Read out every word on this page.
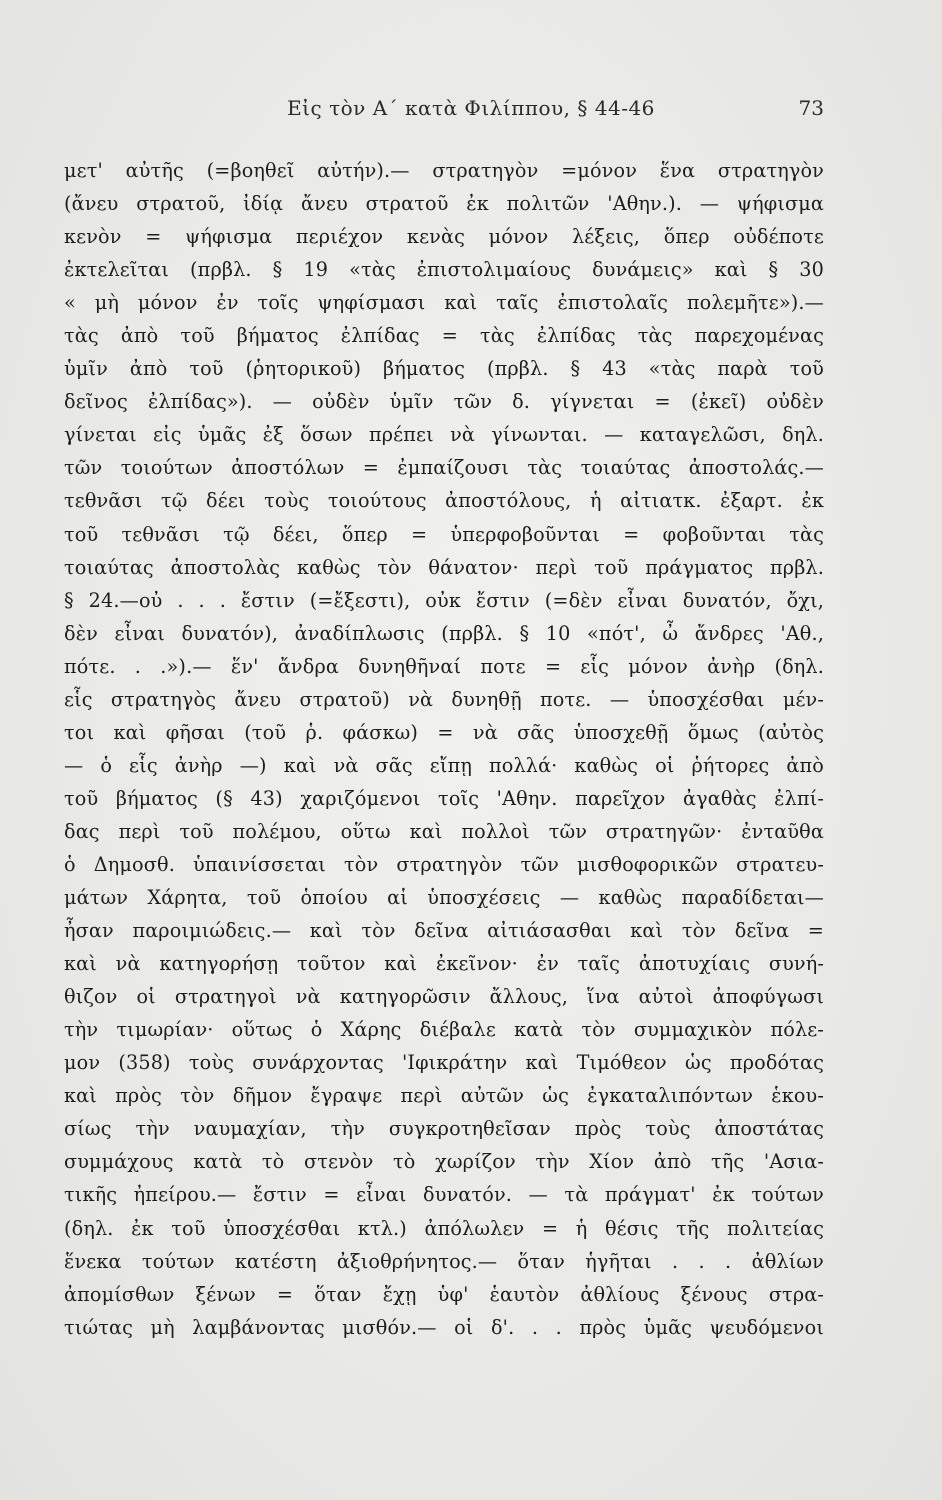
Εἰς τὸν Α΄ κατὰ Φιλίππου, § 44-46	73
μετ' αὐτῆς (=βοηθεῖ αὐτήν).— στρατηγὸν =μόνον ἕνα στρατηγὸν
(ἄνευ στρατοῦ, ἰδίᾳ ἄνευ στρατοῦ ἐκ πολιτῶν 'Αθην.). — ψήφισμα
κενὸν = ψήφισμα περιέχον κενὰς μόνον λέξεις, ὅπερ οὐδέποτε
ἐκτελεῖται (πρβλ. § 19 «τὰς ἐπιστολιμαίους δυνάμεις» καὶ § 30
« μὴ μόνον ἐν τοῖς ψηφίσμασι καὶ ταῖς ἐπιστολαῖς πολεμῆτε»).—
τὰς ἀπὸ τοῦ βήματος ἐλπίδας = τὰς ἐλπίδας τὰς παρεχομένας
ὑμῖν ἀπὸ τοῦ (ῥητορικοῦ) βήματος (πρβλ. § 43 «τὰς παρὰ τοῦ
δεῖνος ἐλπίδας»). — οὐδὲν ὑμῖν τῶν δ. γίγνεται = (ἐκεῖ) οὐδὲν
γίνεται εἰς ὑμᾶς ἐξ ὅσων πρέπει νὰ γίνωνται. — καταγελῶσι, δηλ.
τῶν τοιούτων ἀποστόλων = ἐμπαίζουσι τὰς τοιαύτας ἀποστολάς.—
τεθνᾶσι τῷ δέει τοὺς τοιούτους ἀποστόλους, ἡ αἰτιατκ. ἐξαρτ. ἐκ
τοῦ τεθνᾶσι τῷ δέει, ὅπερ = ὑπερφοβοῦνται = φοβοῦνται τὰς
τοιαύτας ἀποστολὰς καθὼς τὸν θάνατον· περὶ τοῦ πράγματος πρβλ.
§ 24.—οὐ . . . ἔστιν (=ἔξεστι), οὐκ ἔστιν (=δὲν εἶναι δυνατόν, ὄχι,
δὲν εἶναι δυνατόν), ἀναδίπλωσις (πρβλ. § 10 «πότ', ὦ ἄνδρες 'Αθ.,
πότε. . .»).— ἕν' ἄνδρα δυνηθῆναί ποτε = εἷς μόνον ἀνὴρ (δηλ.
εἷς στρατηγὸς ἄνευ στρατοῦ) νὰ δυνηθῇ ποτε. — ὑποσχέσθαι μέν-
τοι καὶ φῆσαι (τοῦ ῥ. φάσκω) = νὰ σᾶς ὑποσχεθῇ ὅμως (αὐτὸς
— ὁ εἷς ἀνὴρ —) καὶ νὰ σᾶς εἴπῃ πολλά· καθὼς οἱ ῥήτορες ἀπὸ
τοῦ βήματος (§ 43) χαριζόμενοι τοῖς 'Αθην. παρεῖχον ἀγαθὰς ἐλπί-
δας περὶ τοῦ πολέμου, οὕτω καὶ πολλοὶ τῶν στρατηγῶν· ἐνταῦθα
ὁ Δημοσθ. ὑπαινίσσεται τὸν στρατηγὸν τῶν μισθοφορικῶν στρατευ-
μάτων Χάρητα, τοῦ ὁποίου αἱ ὑποσχέσεις — καθὼς παραδίδεται—
ἦσαν παροιμιώδεις.— καὶ τὸν δεῖνα αἰτιάσασθαι καὶ τὸν δεῖνα =
καὶ νὰ κατηγορήσῃ τοῦτον καὶ ἐκεῖνον· ἐν ταῖς ἀποτυχίαις συνή-
θιζον οἱ στρατηγοὶ νὰ κατηγορῶσιν ἄλλους, ἵνα αὐτοὶ ἀποφύγωσι
τὴν τιμωρίαν· οὕτως ὁ Χάρης διέβαλε κατὰ τὸν συμμαχικὸν πόλε-
μον (358) τοὺς συνάρχοντας 'Ιφικράτην καὶ Τιμόθεον ὡς προδότας
καὶ πρὸς τὸν δῆμον ἔγραψε περὶ αὐτῶν ὡς ἐγκαταλιπόντων ἑκου-
σίως τὴν ναυμαχίαν, τὴν συγκροτηθεῖσαν πρὸς τοὺς ἀποστάτας
συμμάχους κατὰ τὸ στενὸν τὸ χωρίζον τὴν Χίον ἀπὸ τῆς 'Ασια-
τικῆς ἠπείρου.— ἔστιν = εἶναι δυνατόν. — τὰ πράγματ' ἐκ τούτων
(δηλ. ἐκ τοῦ ὑποσχέσθαι κτλ.) ἀπόλωλεν = ἡ θέσις τῆς πολιτείας
ἕνεκα τούτων κατέστη ἀξιοθρήνητος.— ὅταν ἡγῆται . . . ἀθλίων
ἀπομίσθων ξένων = ὅταν ἔχῃ ὑφ' ἑαυτὸν ἀθλίους ξένους στρα-
τιώτας μὴ λαμβάνοντας μισθόν.— οἱ δ'. . . πρὸς ὑμᾶς ψευδόμενοι
